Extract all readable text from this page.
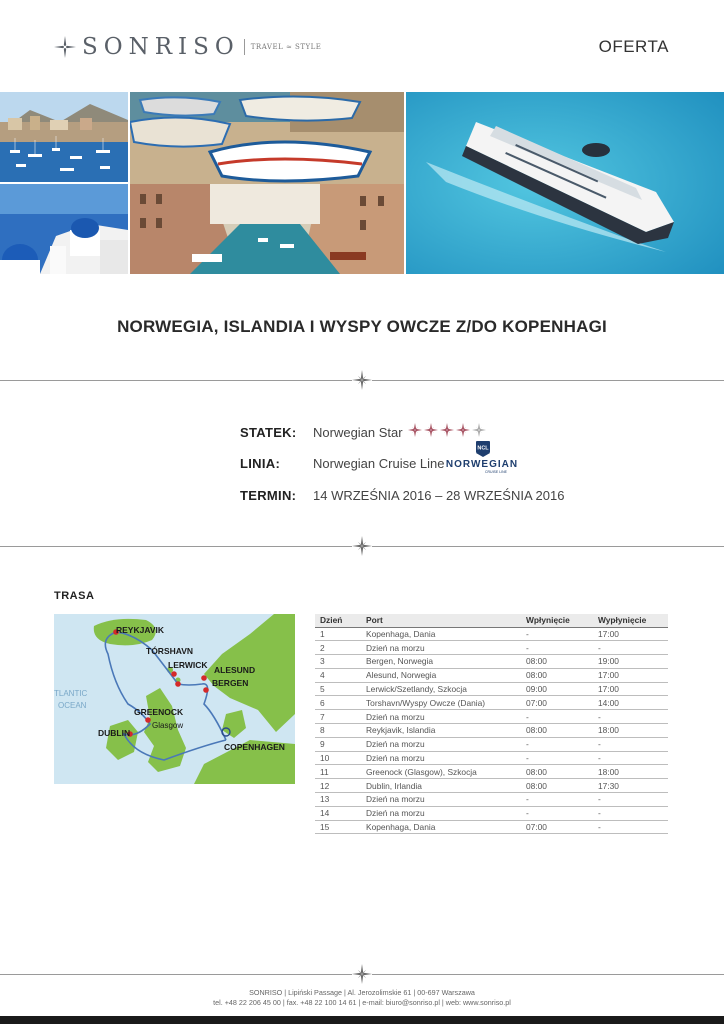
SONRISO TRAVEL ≈ STYLE	OFERTA
NORWEGIA, ISLANDIA I WYSPY OWCZE Z/DO KOPENHAGI
STATEK: Norwegian Star
LINIA:	Norwegian Cruise Line
NCL
NORWEGIAN
CRUISE LINE
TERMIN: 14 WRZEŚNIA 2016 – 28 WRZEŚNIA 2016
TRASA
REYKJAVIK
TÓRSHAVN
LERWICK ALESUND
BERGEN
GREENOCK
DUBLIN
COPENHAGEN
Glasgow
TLANTIC
OCEAN
Dzień	Port	Wpłynięcie	Wypłynięcie
1	Kopenhaga, Dania	-	17:00
2	Dzień na morzu	-	-
3	Bergen, Norwegia	08:00	19:00
4	Alesund, Norwegia	08:00	17:00
5	Lerwick/Szetlandy, Szkocja	09:00	17:00
6	Torshavn/Wyspy Owcze (Dania)	07:00	14:00
7	Dzień na morzu	-	-
8	Reykjavik, Islandia	08:00	18:00
9	Dzień na morzu	-	-
10	Dzień na morzu	-	-
11	Greenock (Glasgow), Szkocja	08:00	18:00
12	Dublin, Irlandia	08:00	17:30
13	Dzień na morzu	-	-
14	Dzień na morzu	-	-
15	Kopenhaga, Dania	07:00	-
SONRISO | Lipiński Passage | Al. Jerozolimskie 61 | 00-697 Warszawa
tel. +48 22 206 45 00 | fax. +48 22 100 14 61 | e-mail: biuro@sonriso.pl | web: www.sonriso.pl
